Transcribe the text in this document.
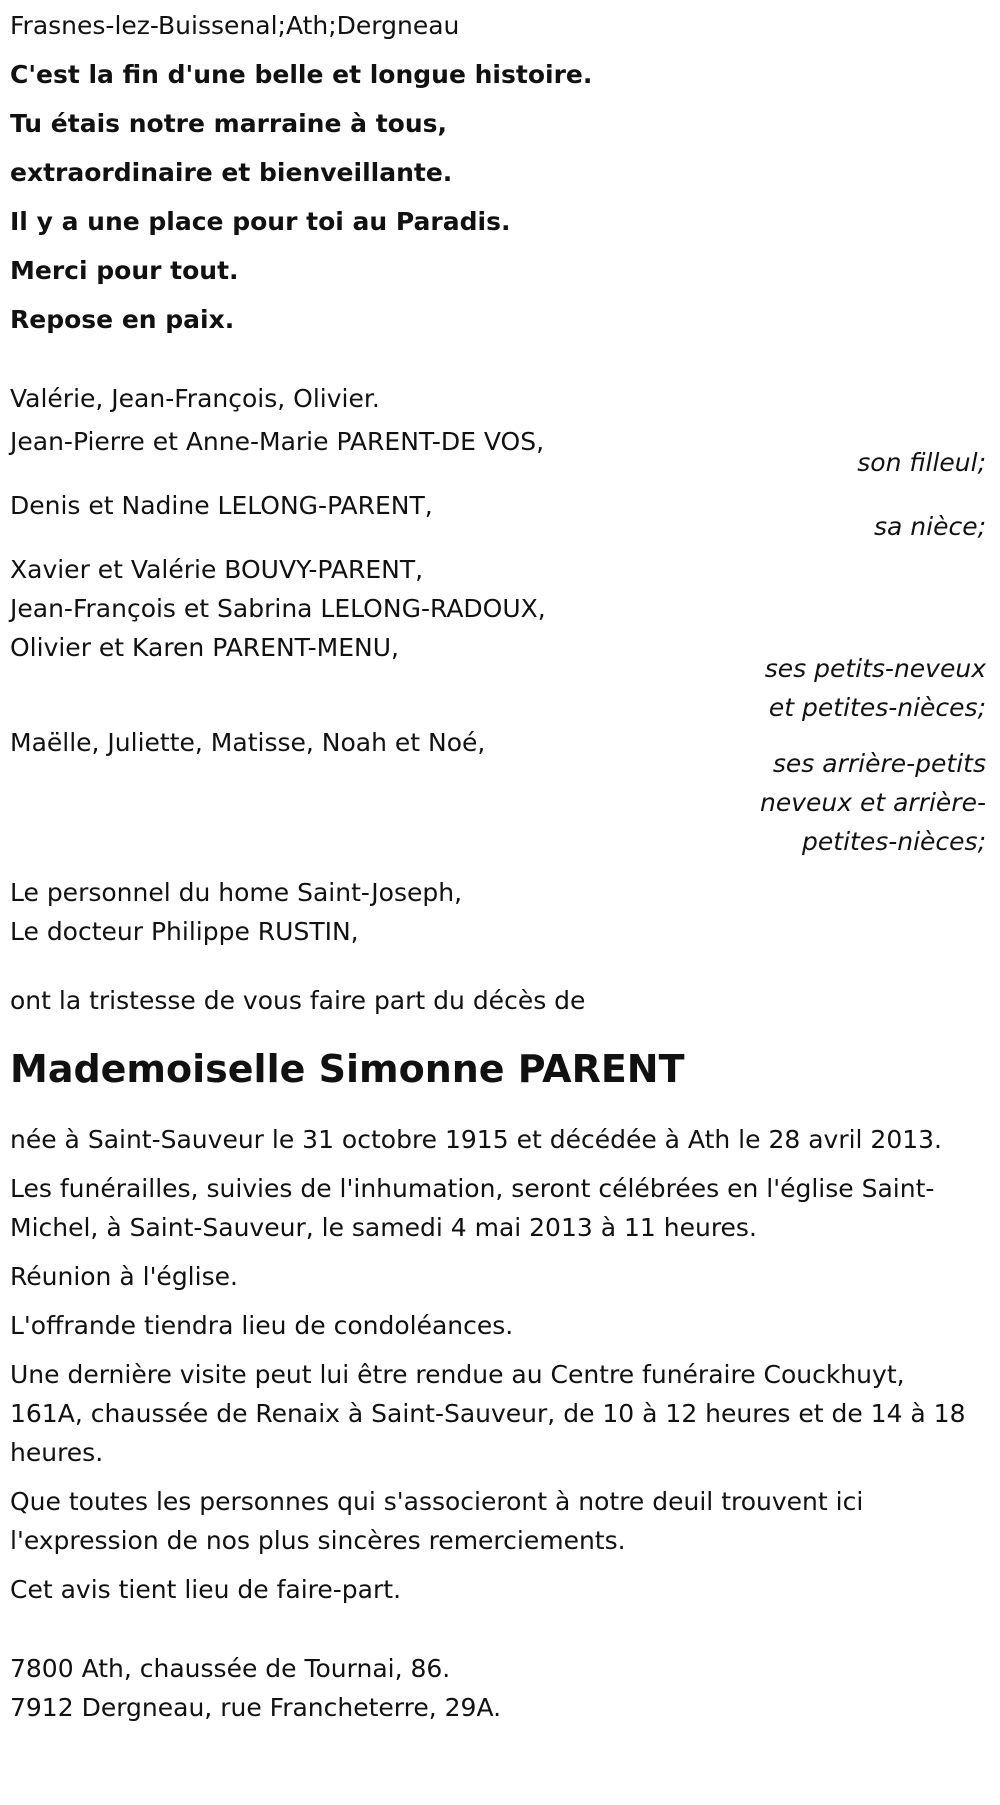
Frasnes-lez-Buissenal;Ath;Dergneau

C'est la fin d'une belle et longue histoire.

Tu étais notre marraine à tous,

extraordinaire et bienveillante.

Il y a une place pour toi au Paradis.

Merci pour tout.

Repose en paix.

Valérie, Jean-François, Olivier.

Jean-Pierre et Anne-Marie PARENT-DE VOS,

son filleul;

Denis et Nadine LELONG-PARENT,

sa nièce;

Xavier et Valérie BOUVY-PARENT,

Jean-François et Sabrina LELONG-RADOUX,

Olivier et Karen PARENT-MENU,

ses petits-neveux et petites-nièces;

Maëlle, Juliette, Matisse, Noah et Noé,

ses arrière-petits neveux et arrière-petites-nièces;

Le personnel du home Saint-Joseph,

Le docteur Philippe RUSTIN,

ont la tristesse de vous faire part du décès de

Mademoiselle Simonne PARENT

née à Saint-Sauveur le 31 octobre 1915 et décédée à Ath le 28 avril 2013.

Les funérailles, suivies de l'inhumation, seront célébrées en l'église Saint-Michel, à Saint-Sauveur, le samedi 4 mai 2013 à 11 heures.

Réunion à l'église.

L'offrande tiendra lieu de condoléances.

Une dernière visite peut lui être rendue au Centre funéraire Couckhuyt, 161A, chaussée de Renaix à Saint-Sauveur, de 10 à 12 heures et de 14 à 18 heures.

Que toutes les personnes qui s'associeront à notre deuil trouvent ici l'expression de nos plus sincères remerciements.

Cet avis tient lieu de faire-part.

7800 Ath, chaussée de Tournai, 86.

7912 Dergneau, rue Francheterre, 29A.
